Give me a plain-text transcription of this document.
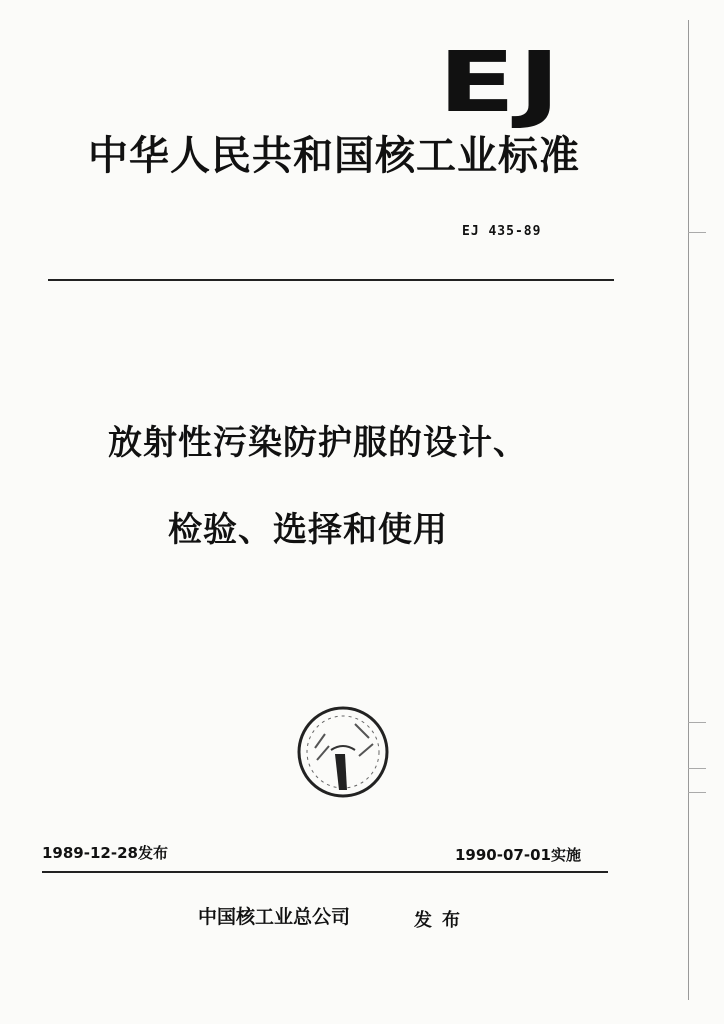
EJ
中华人民共和国核工业标准
EJ 435-89
放射性污染防护服的设计、
检验、选择和使用
1989-12-28发布	1990-07-01实施
中国核工业总公司	发布
